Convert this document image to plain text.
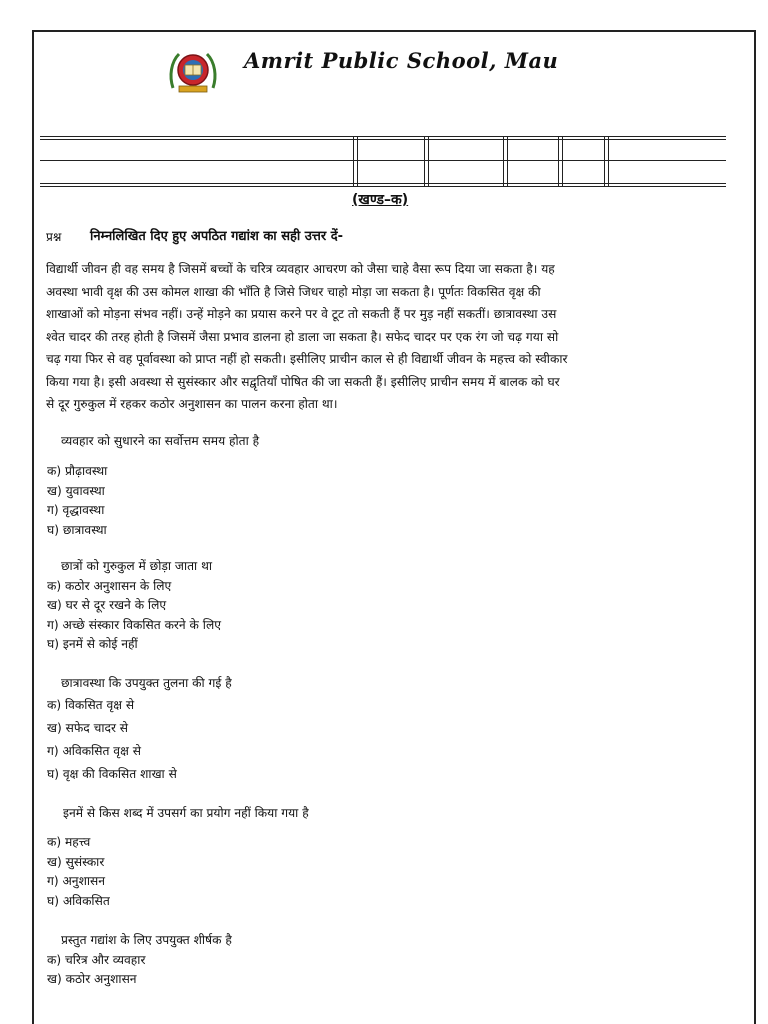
Amrit Public School, Mau
(खण्ड–क)
प्रश्न निम्नलिखित दिए हुए अपठित गद्यांश का सही उत्तर दें-
विद्यार्थी जीवन ही वह समय है जिसमें बच्चों के चरित्र व्यवहार आचरण को जैसा चाहे वैसा रूप दिया जा सकता है। यह
अवस्था भावी वृक्ष की उस कोमल शाखा की भाँति है जिसे जिधर चाहो मोड़ा जा सकता है। पूर्णतः विकसित वृक्ष की
शाखाओं को मोड़ना संभव नहीं। उन्हें मोड़ने का प्रयास करने पर वे टूट तो सकती हैं पर मुड़ नहीं सकतीं। छात्रावस्था उस
श्वेत चादर की तरह होती है जिसमें जैसा प्रभाव डालना हो डाला जा सकता है। सफेद चादर पर एक रंग जो चढ़ गया सो
चढ़ गया फिर से वह पूर्वावस्था को प्राप्त नहीं हो सकती। इसीलिए प्राचीन काल से ही विद्यार्थी जीवन के महत्त्व को स्वीकार
किया गया है। इसी अवस्था से सुसंस्कार और सद्वृतियाँ पोषित की जा सकती हैं। इसीलिए प्राचीन समय में बालक को घर
से दूर गुरुकुल में रहकर कठोर अनुशासन का पालन करना होता था।
व्यवहार को सुधारने का सर्वोत्तम समय होता है
क) प्रौढ़ावस्था
ख) युवावस्था
ग) वृद्धावस्था
घ) छात्रावस्था
छात्रों को गुरुकुल में छोड़ा जाता था
क) कठोर अनुशासन के लिए
ख) घर से दूर रखने के लिए
ग) अच्छे संस्कार विकसित करने के लिए
घ) इनमें से कोई नहीं
छात्रावस्था कि उपयुक्त तुलना की गई है
क) विकसित वृक्ष से
ख) सफेद चादर से
ग) अविकसित वृक्ष से
घ) वृक्ष की विकसित शाखा से
इनमें से किस शब्द में उपसर्ग का प्रयोग नहीं किया गया है
क) महत्त्व
ख) सुसंस्कार
ग) अनुशासन
घ) अविकसित
प्रस्तुत गद्यांश के लिए उपयुक्त शीर्षक है
क) चरित्र और व्यवहार
ख) कठोर अनुशासन
